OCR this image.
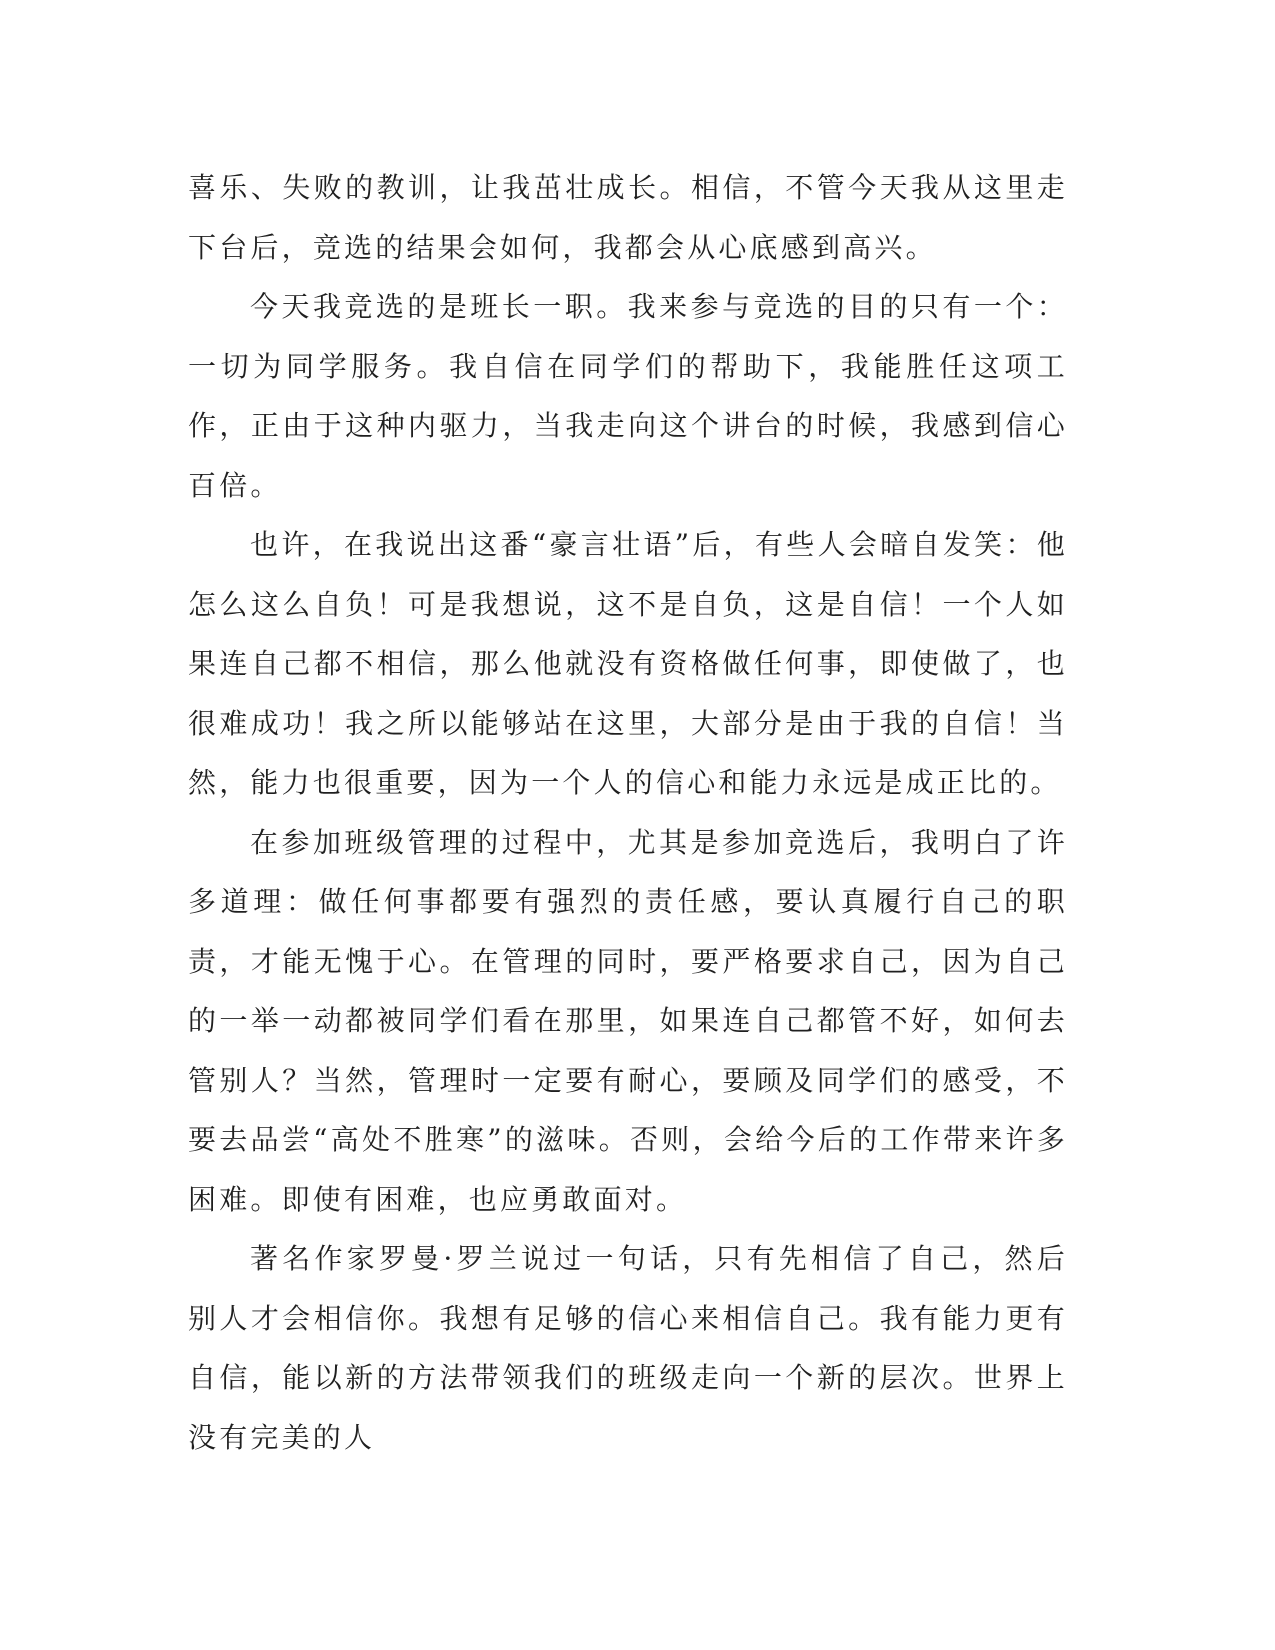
喜乐、失败的教训，让我茁壮成长。相信，不管今天我从这里走下台后，竞选的结果会如何，我都会从心底感到高兴。

今天我竞选的是班长一职。我来参与竞选的目的只有一个：一切为同学服务。我自信在同学们的帮助下，我能胜任这项工作，正由于这种内驱力，当我走向这个讲台的时候，我感到信心百倍。

也许，在我说出这番“豪言壮语”后，有些人会暗自发笑：他怎么这么自负！可是我想说，这不是自负，这是自信！一个人如果连自己都不相信，那么他就没有资格做任何事，即使做了，也很难成功！我之所以能够站在这里，大部分是由于我的自信！当然，能力也很重要，因为一个人的信心和能力永远是成正比的。

在参加班级管理的过程中，尤其是参加竞选后，我明白了许多道理：做任何事都要有强烈的责任感，要认真履行自己的职责，才能无愧于心。在管理的同时，要严格要求自己，因为自己的一举一动都被同学们看在那里，如果连自己都管不好，如何去管别人？当然，管理时一定要有耐心，要顾及同学们的感受，不要去品尝“高处不胜寒”的滋味。否则，会给今后的工作带来许多困难。即使有困难，也应勇敢面对。

著名作家罗曼·罗兰说过一句话，只有先相信了自己，然后别人才会相信你。我想有足够的信心来相信自己。我有能力更有自信，能以新的方法带领我们的班级走向一个新的层次。世界上没有完美的人
